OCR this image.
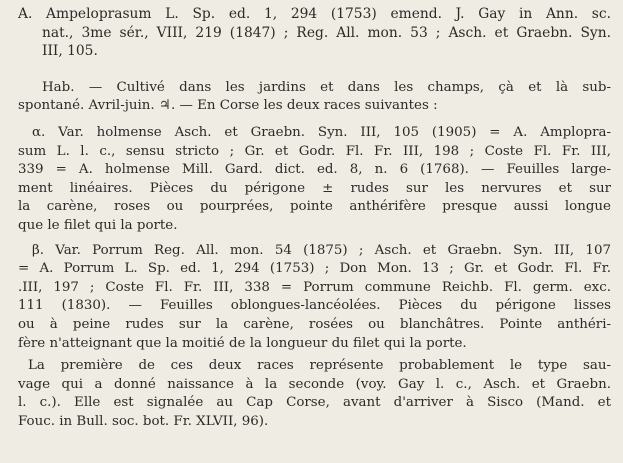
A. Ampeloprasum L. Sp. ed. 1, 294 (1753) emend. J. Gay in Ann. sc.
nat., 3me sér., VIII, 219 (1847) ; Reg. All. mon. 53 ; Asch. et Graebn. Syn.
III, 105.
Hab. — Cultivé dans les jardins et dans les champs, çà et là sub-
spontané. Avril-juin. ♃. — En Corse les deux races suivantes :
α. Var. holmense Asch. et Graebn. Syn. III, 105 (1905) = A. Amplopra-
sum L. l. c., sensu stricto ; Gr. et Godr. Fl. Fr. III, 198 ; Coste Fl. Fr. III,
339 = A. holmense Mill. Gard. dict. ed. 8, n. 6 (1768). — Feuilles large-
ment linéaires. Pièces du périgone ± rudes sur les nervures et sur
la carène, roses ou pourprées, pointe anthérifère presque aussi longue
que le filet qui la porte.
β. Var. Porrum Reg. All. mon. 54 (1875) ; Asch. et Graebn. Syn. III, 107
= A. Porrum L. Sp. ed. 1, 294 (1753) ; Don Mon. 13 ; Gr. et Godr. Fl. Fr.
.III, 197 ; Coste Fl. Fr. III, 338 = Porrum commune Reichb. Fl. germ. exc.
111 (1830). — Feuilles oblongues-lancéolées. Pièces du périgone lisses
ou à peine rudes sur la carène, rosées ou blanchâtres. Pointe anthéri-
fère n'atteignant que la moitié de la longueur du filet qui la porte.
La première de ces deux races représente probablement le type sau-
vage qui a donné naissance à la seconde (voy. Gay l. c., Asch. et Graebn.
l. c.). Elle est signalée au Cap Corse, avant d'arriver à Sisco (Mand. et
Fouc. in Bull. soc. bot. Fr. XLVII, 96).
